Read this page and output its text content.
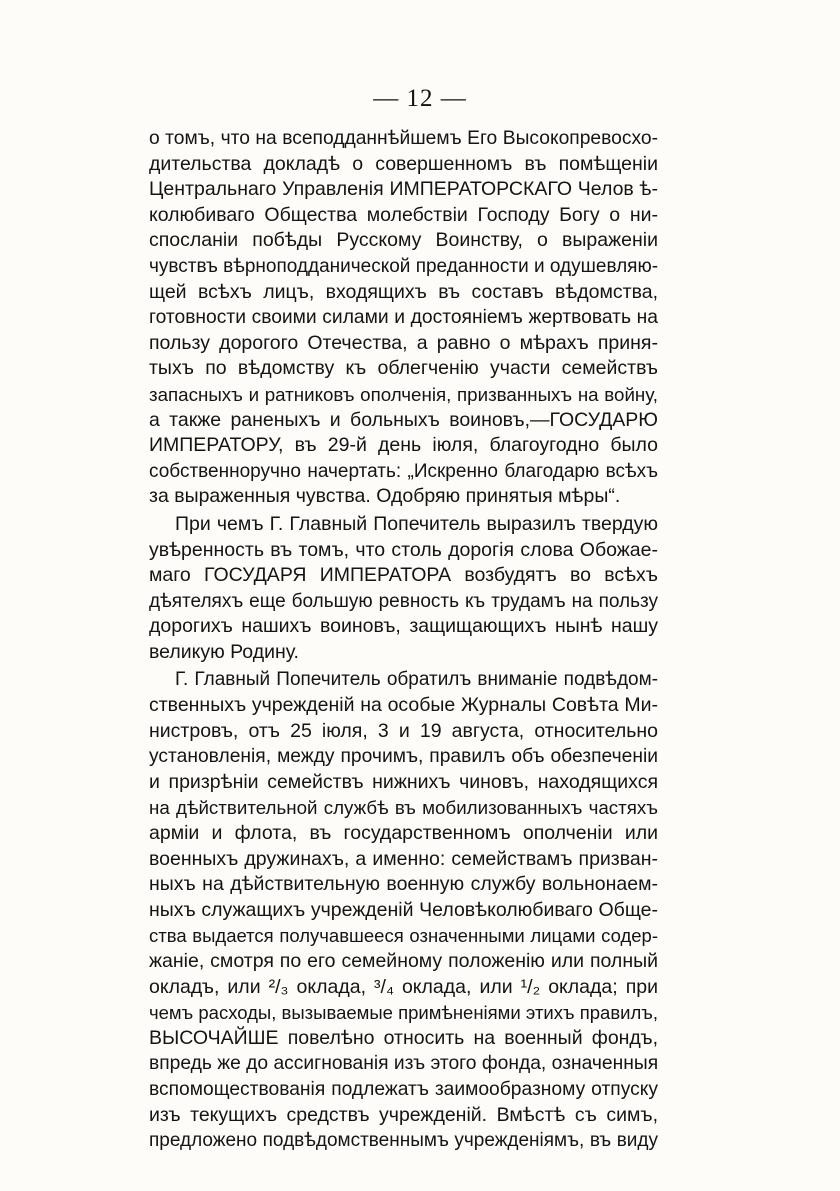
— 12 —
о томъ, что на всеподданнѣйшемъ Его Высокопревосхо-
дительства докладѣ о совершенномъ въ помѣщеніи
Центральнаго Управленія ИМПЕРАТОРСКАГО Челов ѣ-
колюбиваго Общества молебствіи Господу Богу о ни-
спосланіи побѣды Русскому Воинству, о выраженіи
чувствъ вѣрноподданической преданности и одушевляю-
щей всѣхъ лицъ, входящихъ въ составъ вѣдомства,
готовности своими силами и достояніемъ жертвовать на
пользу дорогого Отечества, а равно о мѣрахъ приня-
тыхъ по вѣдомству къ облегченію участи семействъ
запасныхъ и ратниковъ ополченія, призванныхъ на войну,
а также раненыхъ и больныхъ воиновъ,—ГОСУДАРЮ
ИМПЕРАТОРУ, въ 29-й день іюля, благоугодно было
собственноручно начертать: „Искренно благодарю всѣхъ
за выраженныя чувства. Одобряю принятыя мѣры“.
При чемъ Г. Главный Попечитель выразилъ твердую
увѣренность въ томъ, что столь дорогія слова Обожае-
маго ГОСУДАРЯ ИМПЕРАТОРА возбудятъ во всѣхъ
дѣятеляхъ еще большую ревность къ трудамъ на пользу
дорогихъ нашихъ воиновъ, защищающихъ нынѣ нашу
великую Родину.
Г. Главный Попечитель обратилъ вниманіе подвѣдом-
ственныхъ учрежденій на особые Журналы Совѣта Ми-
нистровъ, отъ 25 іюля, 3 и 19 августа, относительно
установленія, между прочимъ, правилъ объ обезпеченіи
и призрѣніи семействъ нижнихъ чиновъ, находящихся
на дѣйствительной службѣ въ мобилизованныхъ частяхъ
арміи и флота, въ государственномъ ополченіи или
военныхъ дружинахъ, а именно: семействамъ призван-
ныхъ на дѣйствительную военную службу вольнонаем-
ныхъ служащихъ учрежденій Человѣколюбиваго Обще-
ства выдается получавшееся означенными лицами содер-
жаніе, смотря по его семейному положенію или полный
окладъ, или ²/₃ оклада, ³/₄ оклада, или ¹/₂ оклада; при
чемъ расходы, вызываемые примѣненіями этихъ правилъ,
ВЫСОЧАЙШЕ повелѣно относить на военный фондъ,
впредь же до ассигнованія изъ этого фонда, означенныя
вспомоществованія подлежатъ заимообразному отпуску
изъ текущихъ средствъ учрежденій. Вмѣстѣ съ симъ,
предложено подвѣдомственнымъ учрежденіямъ, въ виду
